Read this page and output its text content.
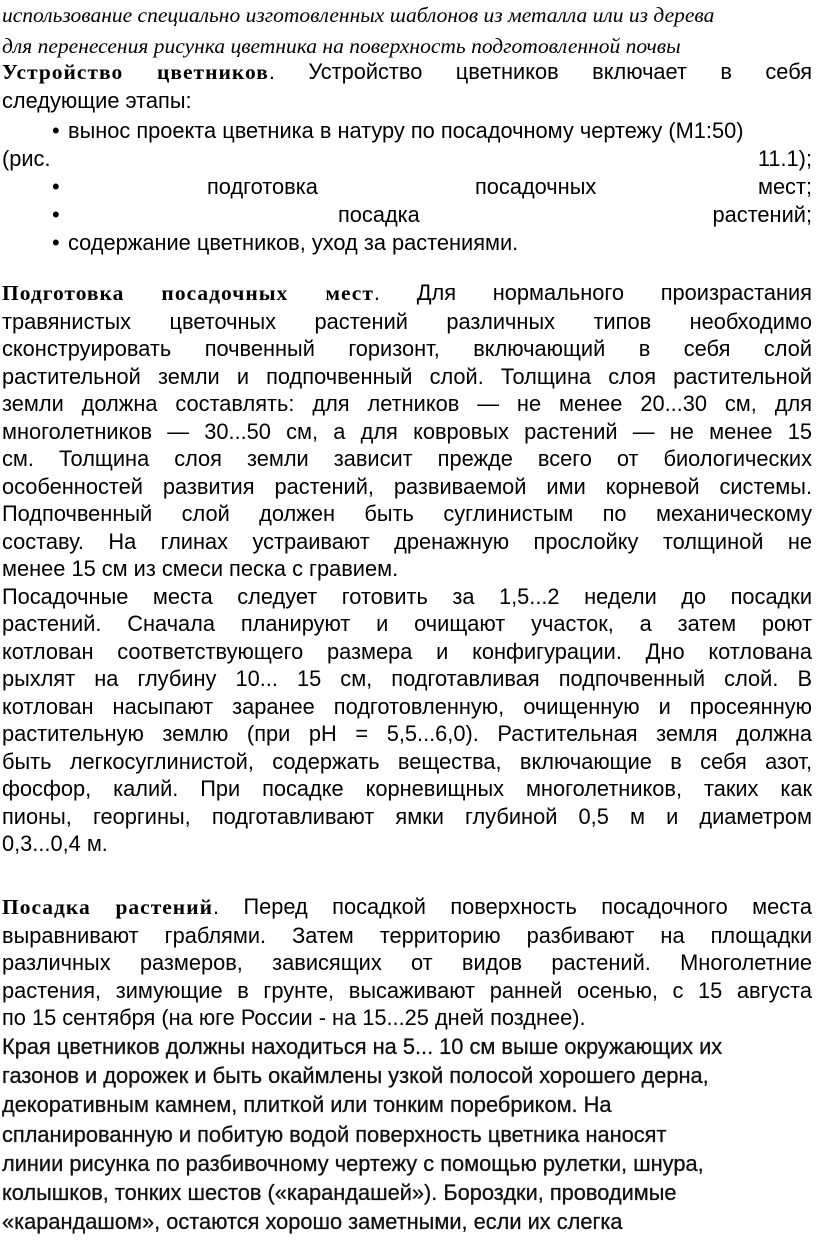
использование специально изготовленных шаблонов из металла или из дерева
для перенесения рисунка цветника на поверхность подготовленной почвы
Устройство цветников. Устройство цветников включает в себя
следующие этапы:
• вынос проекта цветника в натуру по посадочному чертежу (М1:50)
(рис.	11.1);
•	подготовка	посадочных	мест;
•	посадка	растений;
• содержание цветников, уход за растениями.
Подготовка посадочных мест. Для нормального произрастания
травянистых цветочных растений различных типов необходимо
сконструировать почвенный горизонт, включающий в себя слой
растительной земли и подпочвенный слой. Толщина слоя растительной
земли должна составлять: для летников — не менее 20...30 см, для
многолетников — 30...50 см, а для ковровых растений — не менее 15
см. Толщина слоя земли зависит прежде всего от биологических
особенностей развития растений, развиваемой ими корневой системы.
Подпочвенный слой должен быть суглинистым по механическому
составу. На глинах устраивают дренажную прослойку толщиной не
менее 15 см из смеси песка с гравием.
Посадочные места следует готовить за 1,5...2 недели до посадки
растений. Сначала планируют и очищают участок, а затем роют
котлован соответствующего размера и конфигурации. Дно котлована
рыхлят на глубину 10... 15 см, подготавливая подпочвенный слой. В
котлован насыпают заранее подготовленную, очищенную и просеянную
растительную землю (при рН = 5,5...6,0). Растительная земля должна
быть легкосуглинистой, содержать вещества, включающие в себя азот,
фосфор, калий. При посадке корневищных многолетников, таких как
пионы, георгины, подготавливают ямки глубиной 0,5 м и диаметром
0,3...0,4 м.
Посадка растений. Перед посадкой поверхность посадочного места
выравнивают граблями. Затем территорию разбивают на площадки
различных размеров, зависящих от видов растений. Многолетние
растения, зимующие в грунте, высаживают ранней осенью, с 15 августа
по 15 сентября (на юге России - на 15...25 дней позднее).
Края цветников должны находиться на 5... 10 см выше окружающих их
газонов и дорожек и быть окаймлены узкой полосой хорошего дерна,
декоративным камнем, плиткой или тонким поребриком. На
спланированную и побитую водой поверхность цветника наносят
линии рисунка по разбивочному чертежу с помощью рулетки, шнура,
колышков, тонких шестов («карандашей»). Бороздки, проводимые
«карандашом», остаются хорошо заметными, если их слегка
